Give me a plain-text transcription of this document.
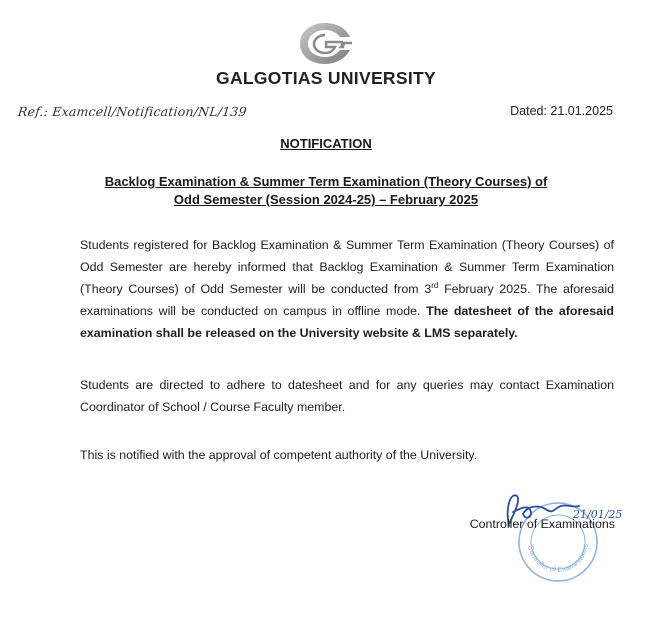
GALGOTIAS UNIVERSITY
Ref.: Examcell/Notification/NL/139	Dated: 21.01.2025
NOTIFICATION
Backlog Examination & Summer Term Examination (Theory Courses) of
Odd Semester (Session 2024-25) – February 2025
Students registered for Backlog Examination & Summer Term Examination (Theory Courses) of Odd Semester are hereby informed that Backlog Examination & Summer Term Examination (Theory Courses) of Odd Semester will be conducted from 3rd February 2025. The aforesaid examinations will be conducted on campus in offline mode. The datesheet of the aforesaid examination shall be released on the University website & LMS separately.
Students are directed to adhere to datesheet and for any queries may contact Examination Coordinator of School / Course Faculty member.
This is notified with the approval of competent authority of the University.
Controller of Examinations
21/01/25
Controller of Examinations
